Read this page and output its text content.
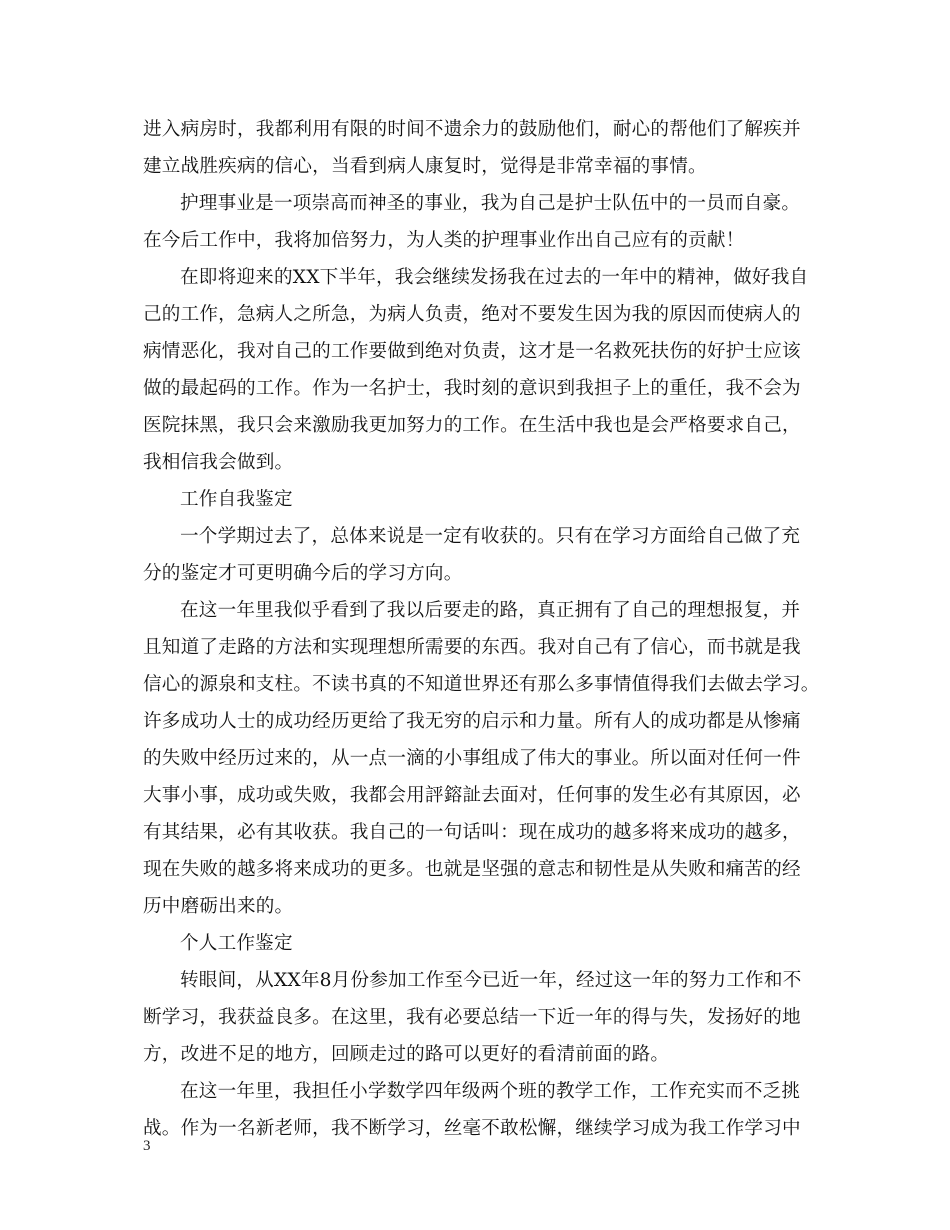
进入病房时，我都利用有限的时间不遗余力的鼓励他们，耐心的帮他们了解疾并
建立战胜疾病的信心，当看到病人康复时，觉得是非常幸福的事情。
护理事业是一项崇高而神圣的事业，我为自己是护士队伍中的一员而自豪。
在今后工作中，我将加倍努力，为人类的护理事业作出自己应有的贡献！
在即将迎来的XX下半年，我会继续发扬我在过去的一年中的精神，做好我自
己的工作，急病人之所急，为病人负责，绝对不要发生因为我的原因而使病人的
病情恶化，我对自己的工作要做到绝对负责，这才是一名救死扶伤的好护士应该
做的最起码的工作。作为一名护士，我时刻的意识到我担子上的重任，我不会为
医院抹黑，我只会来激励我更加努力的工作。在生活中我也是会严格要求自己，
我相信我会做到。
工作自我鉴定
一个学期过去了，总体来说是一定有收获的。只有在学习方面给自己做了充
分的鉴定才可更明确今后的学习方向。
在这一年里我似乎看到了我以后要走的路，真正拥有了自己的理想报复，并
且知道了走路的方法和实现理想所需要的东西。我对自己有了信心，而书就是我
信心的源泉和支柱。不读书真的不知道世界还有那么多事情值得我们去做去学习。
许多成功人士的成功经历更给了我无穷的启示和力量。所有人的成功都是从惨痛
的失败中经历过来的，从一点一滴的小事组成了伟大的事业。所以面对任何一件
大事小事，成功或失败，我都会用評鎔訨去面对，任何事的发生必有其原因，必
有其结果，必有其收获。我自己的一句话叫：现在成功的越多将来成功的越多，
现在失败的越多将来成功的更多。也就是坚强的意志和韧性是从失败和痛苦的经
历中磨砺出来的。
个人工作鉴定
转眼间，从XX年8月份参加工作至今已近一年，经过这一年的努力工作和不
断学习，我获益良多。在这里，我有必要总结一下近一年的得与失，发扬好的地
方，改进不足的地方，回顾走过的路可以更好的看清前面的路。
在这一年里，我担任小学数学四年级两个班的教学工作，工作充实而不乏挑
战。作为一名新老师，我不断学习，丝毫不敢松懈，继续学习成为我工作学习中
3
